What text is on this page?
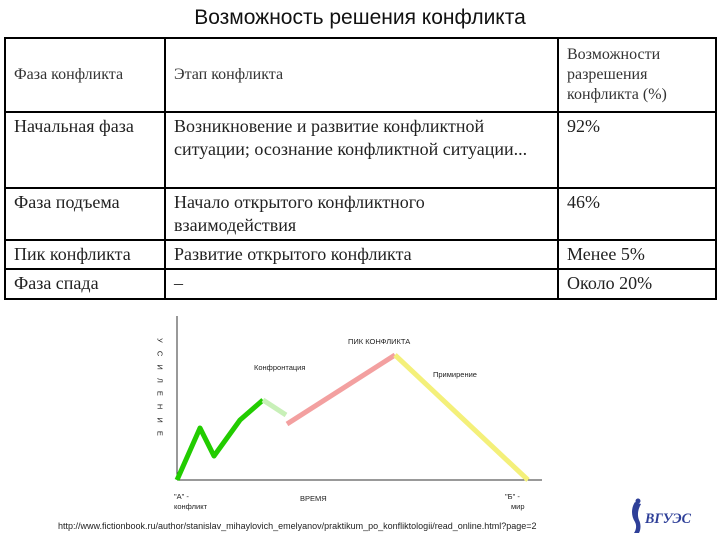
Возможность решения конфликта
Фаза конфликта	Этап конфликта	Возможности разрешения конфликта (%)
Начальная фаза	Возникновение и развитие конфликтной ситуации; осознание конфликтной ситуации...	92%
Фаза подъема	Начало открытого конфликтного взаимодействия	46%
Пик конфликта	Развитие открытого конфликта	Менее 5%
Фаза спада	–	Около 20%
У С И Л Е Н И Е	Конфронтация
ПИК КОНФЛИКТА
Примирение
"А" -
конфликт
ВРЕМЯ	"Б" -
мир
http://www.fictionbook.ru/author/stanislav_mihaylovich_emelyanov/praktikum_po_konfliktologii/read_online.html?page=2	ВГУЭС
